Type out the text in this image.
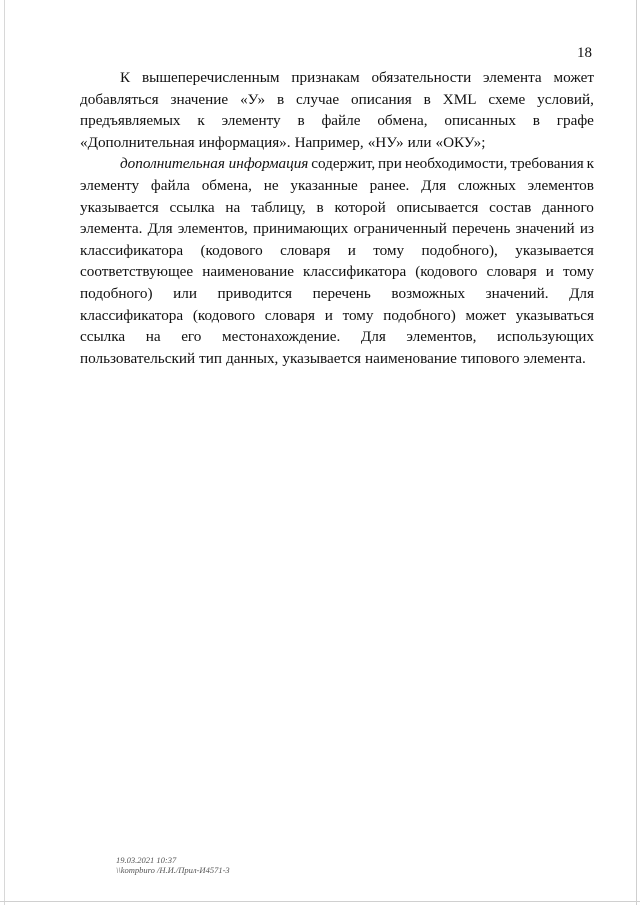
18
К вышеперечисленным признакам обязательности элемента может
добавляться значение «У» в случае описания в XML схеме условий,
предъявляемых к элементу в файле обмена, описанных в графе
«Дополнительная информация». Например, «НУ» или «ОКУ»;
дополнительная информация содержит, при необходимости, требования к
элементу файла обмена, не указанные ранее. Для сложных элементов
указывается ссылка на таблицу, в которой описывается состав данного
элемента. Для элементов, принимающих ограниченный перечень значений из
классификатора (кодового словаря и тому подобного), указывается
соответствующее наименование классификатора (кодового словаря и тому
подобного) или приводится перечень возможных значений. Для
классификатора (кодового словаря и тому подобного) может указываться
ссылка на его местонахождение. Для элементов, использующих
пользовательский тип данных, указывается наименование типового элемента.
19.03.2021 10:37
\\kompburo /Н.И./Прил-И4571-3
